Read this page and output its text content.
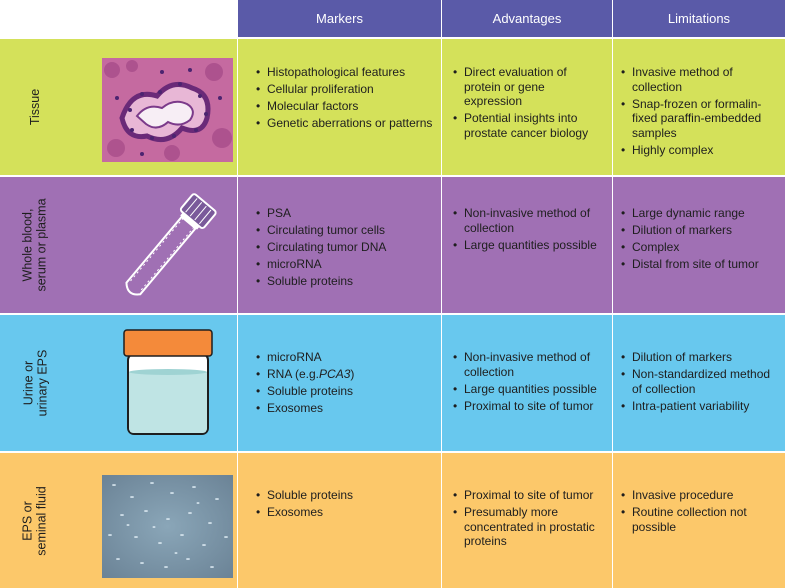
Markers	Advantages	Limitations
Tissue
Whole blood, serum or plasma
Urine or urinary EPS
EPS or seminal fluid
• Histopathological features
• Cellular proliferation
• Molecular factors
• Genetic aberrations or patterns
• Direct evaluation of protein or gene expression
• Potential insights into prostate cancer biology
• Invasive method of collection
• Snap-frozen or formalin-fixed paraffin-embedded samples
• Highly complex
• PSA
• Circulating tumor cells
• Circulating tumor DNA
• microRNA
• Soluble proteins
• Non-invasive method of collection
• Large quantities possible
• Large dynamic range
• Dilution of markers
• Complex
• Distal from site of tumor
• microRNA
• RNA (e.g.PCA3)
• Soluble proteins
• Exosomes
• Non-invasive method of collection
• Large quantities possible
• Proximal to site of tumor
• Dilution of markers
• Non-standardized method of collection
• Intra-patient variability
• Soluble proteins
• Exosomes
• Proximal to site of tumor
• Presumably more concentrated in prostatic proteins
• Invasive procedure
• Routine collection not possible
